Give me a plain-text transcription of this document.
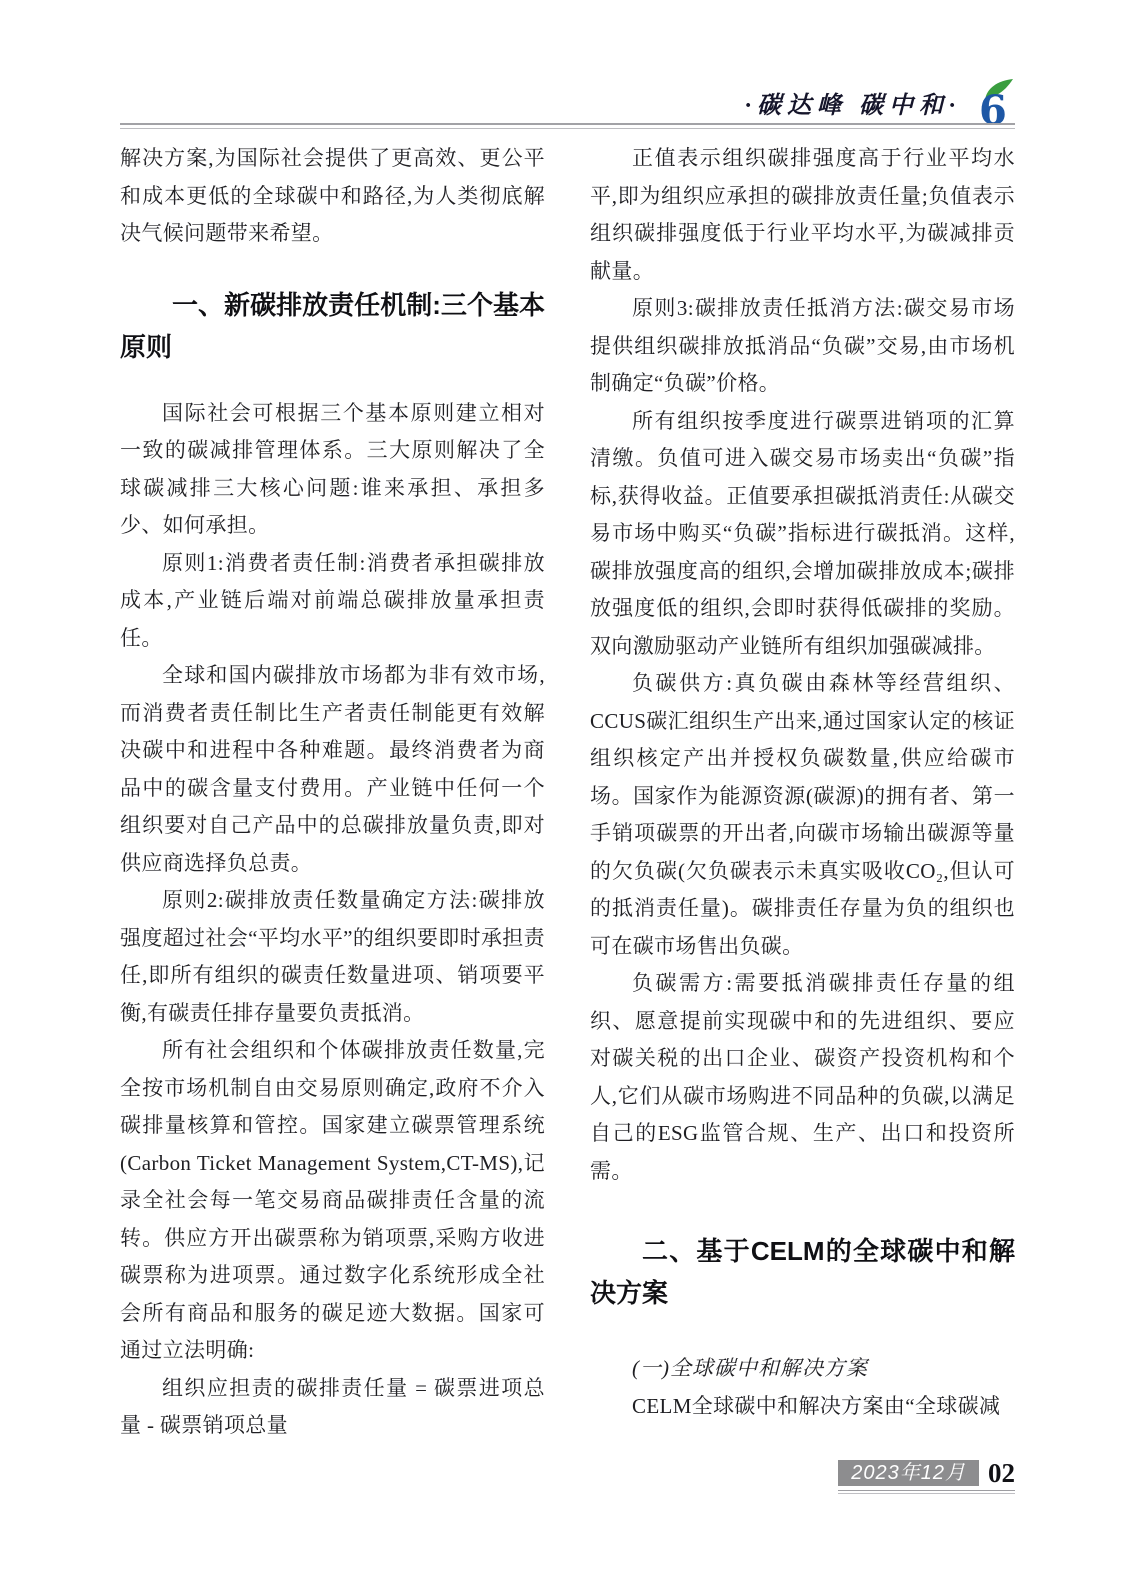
·碳达峰 碳中和· 6

解决方案,为国际社会提供了更高效、更公平和成本更低的全球碳中和路径,为人类彻底解决气候问题带来希望。

一、新碳排放责任机制:三个基本原则

国际社会可根据三个基本原则建立相对一致的碳减排管理体系。三大原则解决了全球碳减排三大核心问题:谁来承担、承担多少、如何承担。

原则1:消费者责任制:消费者承担碳排放成本,产业链后端对前端总碳排放量承担责任。

全球和国内碳排放市场都为非有效市场,而消费者责任制比生产者责任制能更有效解决碳中和进程中各种难题。最终消费者为商品中的碳含量支付费用。产业链中任何一个组织要对自己产品中的总碳排放量负责,即对供应商选择负总责。

原则2:碳排放责任数量确定方法:碳排放强度超过社会“平均水平”的组织要即时承担责任,即所有组织的碳责任数量进项、销项要平衡,有碳责任排存量要负责抵消。

所有社会组织和个体碳排放责任数量,完全按市场机制自由交易原则确定,政府不介入碳排量核算和管控。国家建立碳票管理系统(Carbon Ticket Management System,CT-MS),记录全社会每一笔交易商品碳排责任含量的流转。供应方开出碳票称为销项票,采购方收进碳票称为进项票。通过数字化系统形成全社会所有商品和服务的碳足迹大数据。国家可通过立法明确:

组织应担责的碳排责任量 = 碳票进项总量 - 碳票销项总量

正值表示组织碳排强度高于行业平均水平,即为组织应承担的碳排放责任量;负值表示组织碳排强度低于行业平均水平,为碳减排贡献量。

原则3:碳排放责任抵消方法:碳交易市场提供组织碳排放抵消品“负碳”交易,由市场机制确定“负碳”价格。

所有组织按季度进行碳票进销项的汇算清缴。负值可进入碳交易市场卖出“负碳”指标,获得收益。正值要承担碳抵消责任:从碳交易市场中购买“负碳”指标进行碳抵消。这样,碳排放强度高的组织,会增加碳排放成本;碳排放强度低的组织,会即时获得低碳排的奖励。双向激励驱动产业链所有组织加强碳减排。

负碳供方:真负碳由森林等经营组织、CCUS碳汇组织生产出来,通过国家认定的核证组织核定产出并授权负碳数量,供应给碳市场。国家作为能源资源(碳源)的拥有者、第一手销项碳票的开出者,向碳市场输出碳源等量的欠负碳(欠负碳表示未真实吸收CO₂,但认可的抵消责任量)。碳排责任存量为负的组织也可在碳市场售出负碳。

负碳需方:需要抵消碳排责任存量的组织、愿意提前实现碳中和的先进组织、要应对碳关税的出口企业、碳资产投资机构和个人,它们从碳市场购进不同品种的负碳,以满足自己的ESG监管合规、生产、出口和投资所需。

二、基于CELM的全球碳中和解决方案

(一)全球碳中和解决方案

CELM全球碳中和解决方案由“全球碳减

2023年12月 02
